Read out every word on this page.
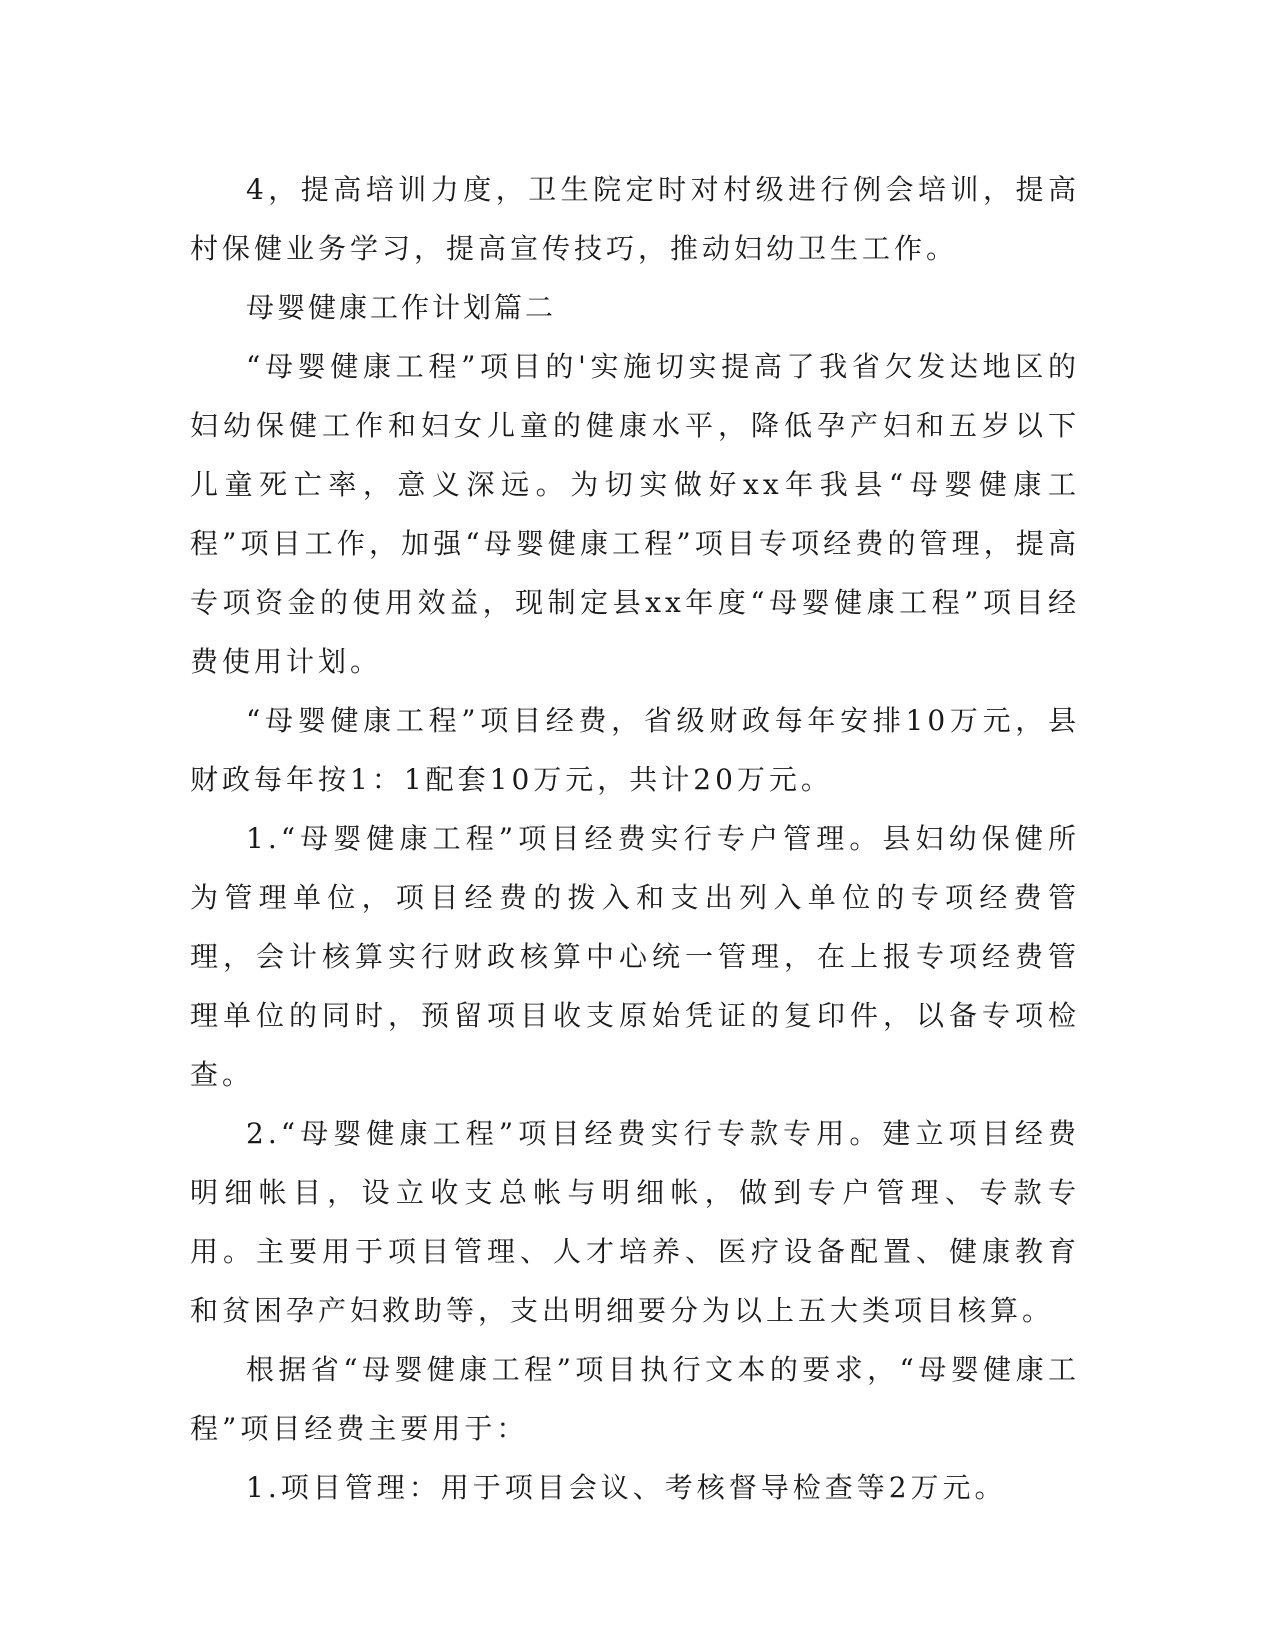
4，提高培训力度，卫生院定时对村级进行例会培训，提高村保健业务学习，提高宣传技巧，推动妇幼卫生工作。

母婴健康工作计划篇二

“母婴健康工程”项目的'实施切实提高了我省欠发达地区的妇幼保健工作和妇女儿童的健康水平，降低孕产妇和五岁以下儿童死亡率，意义深远。为切实做好xx年我县“母婴健康工程”项目工作，加强“母婴健康工程”项目专项经费的管理，提高专项资金的使用效益，现制定县xx年度“母婴健康工程”项目经费使用计划。

“母婴健康工程”项目经费，省级财政每年安排10万元，县财政每年按1：1配套10万元，共计20万元。

1.“母婴健康工程”项目经费实行专户管理。县妇幼保健所为管理单位，项目经费的拨入和支出列入单位的专项经费管理，会计核算实行财政核算中心统一管理，在上报专项经费管理单位的同时，预留项目收支原始凭证的复印件，以备专项检查。

2.“母婴健康工程”项目经费实行专款专用。建立项目经费明细帐目，设立收支总帐与明细帐，做到专户管理、专款专用。主要用于项目管理、人才培养、医疗设备配置、健康教育和贫困孕产妇救助等，支出明细要分为以上五大类项目核算。

根据省“母婴健康工程”项目执行文本的要求，“母婴健康工程”项目经费主要用于：

1.项目管理：用于项目会议、考核督导检查等2万元。
